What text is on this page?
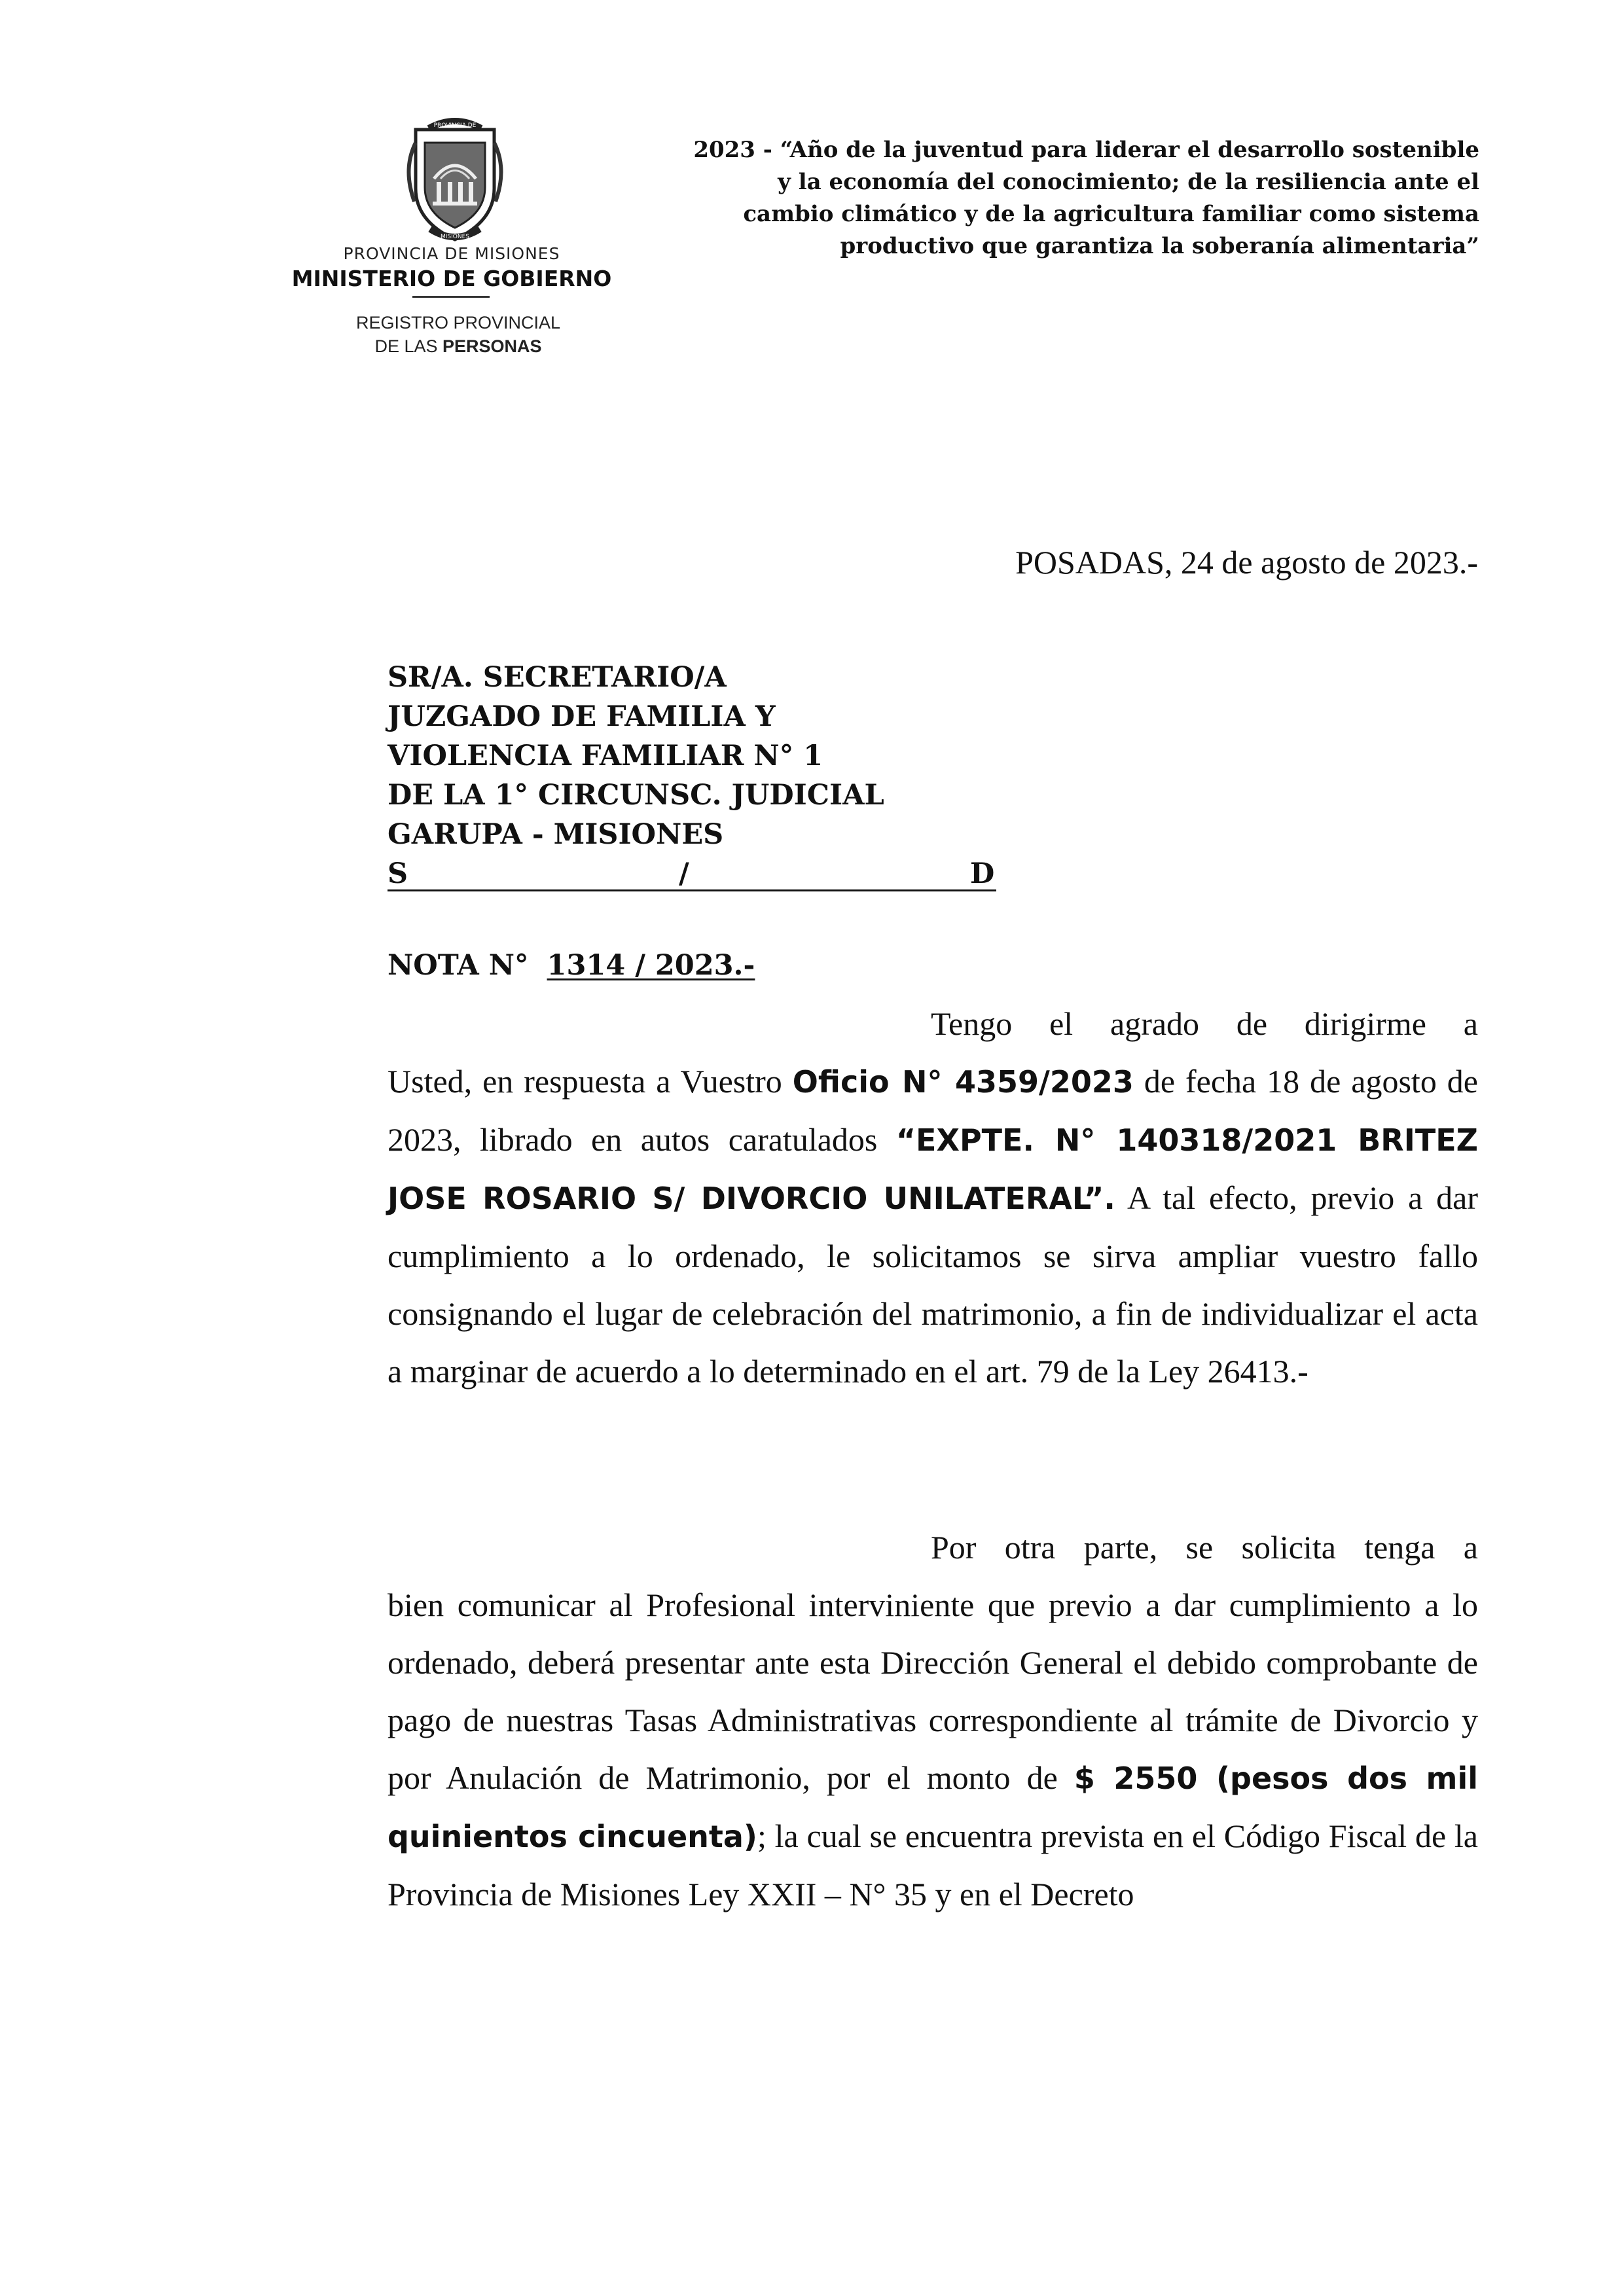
PROVINCIA DE
MISIONES
PROVINCIA DE MISIONES
MINISTERIO DE GOBIERNO
REGISTRO PROVINCIAL
DE LAS PERSONAS
2023 - “Año de la juventud para liderar el desarrollo sostenible
y la economía del conocimiento; de la resiliencia ante el
cambio climático y de la agricultura familiar como sistema
productivo que garantiza la soberanía alimentaria”
POSADAS, 24 de agosto de 2023.-
SR/A. SECRETARIO/A
JUZGADO DE FAMILIA Y
VIOLENCIA FAMILIAR N° 1
DE LA 1° CIRCUNSC. JUDICIAL
GARUPA - MISIONES
S	/	D
NOTA N° 1314 / 2023.-
Tengo el agrado de dirigirme a
Usted, en respuesta a Vuestro Oficio N° 4359/2023 de fecha 18 de agosto de 2023, librado en autos caratulados “EXPTE. N° 140318/2021 BRITEZ JOSE ROSARIO S/ DIVORCIO UNILATERAL”. A tal efecto, previo a dar cumplimiento a lo ordenado, le solicitamos se sirva ampliar vuestro fallo consignando el lugar de celebración del matrimonio, a fin de individualizar el acta a marginar de acuerdo a lo determinado en el art. 79 de la Ley 26413.-
Por otra parte, se solicita tenga a
bien comunicar al Profesional interviniente que previo a dar cumplimiento a lo ordenado, deberá presentar ante esta Dirección General el debido comprobante de pago de nuestras Tasas Administrativas correspondiente al trámite de Divorcio y por Anulación de Matrimonio, por el monto de $ 2550 (pesos dos mil quinientos cincuenta); la cual se encuentra prevista en el Código Fiscal de la Provincia de Misiones Ley XXII – N° 35 y en el Decreto
